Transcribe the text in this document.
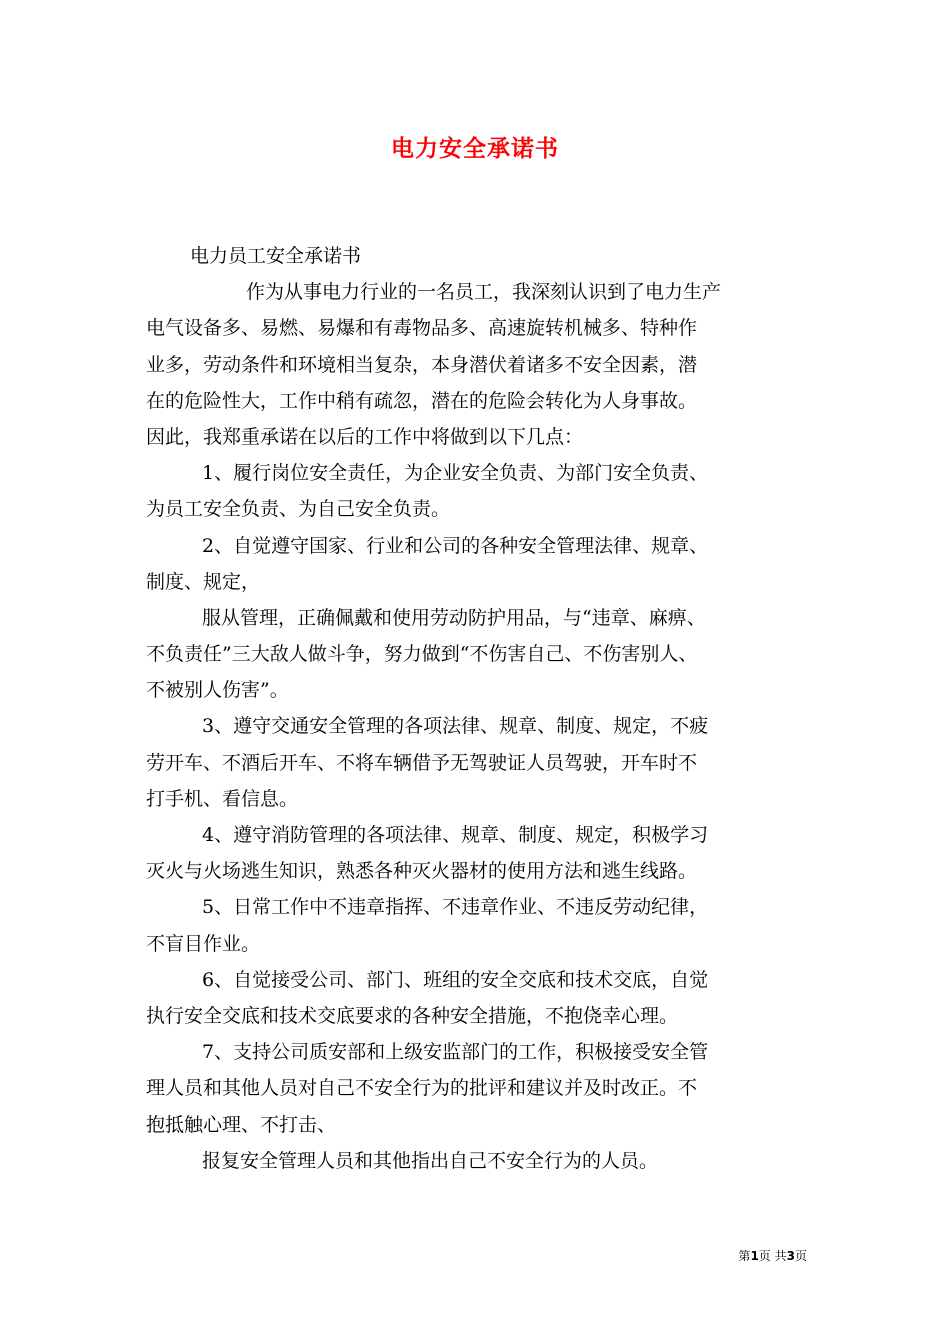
电力安全承诺书
电力员工安全承诺书
作为从事电力行业的一名员工，我深刻认识到了电力生产
电气设备多、易燃、易爆和有毒物品多、高速旋转机械多、特种作
业多，劳动条件和环境相当复杂，本身潜伏着诸多不安全因素，潜
在的危险性大，工作中稍有疏忽，潜在的危险会转化为人身事故。
因此，我郑重承诺在以后的工作中将做到以下几点：
1、履行岗位安全责任，为企业安全负责、为部门安全负责、
为员工安全负责、为自己安全负责。
2、自觉遵守国家、行业和公司的各种安全管理法律、规章、
制度、规定，
服从管理，正确佩戴和使用劳动防护用品，与“违章、麻痹、
不负责任”三大敌人做斗争，努力做到“不伤害自己、不伤害别人、
不被别人伤害”。
3、遵守交通安全管理的各项法律、规章、制度、规定，不疲
劳开车、不酒后开车、不将车辆借予无驾驶证人员驾驶，开车时不
打手机、看信息。
4、遵守消防管理的各项法律、规章、制度、规定，积极学习
灭火与火场逃生知识，熟悉各种灭火器材的使用方法和逃生线路。
5、日常工作中不违章指挥、不违章作业、不违反劳动纪律，
不盲目作业。
6、自觉接受公司、部门、班组的安全交底和技术交底，自觉
执行安全交底和技术交底要求的各种安全措施，不抱侥幸心理。
7、支持公司质安部和上级安监部门的工作，积极接受安全管
理人员和其他人员对自己不安全行为的批评和建议并及时改正。不
抱抵触心理、不打击、
报复安全管理人员和其他指出自己不安全行为的人员。
第1页 共3页
